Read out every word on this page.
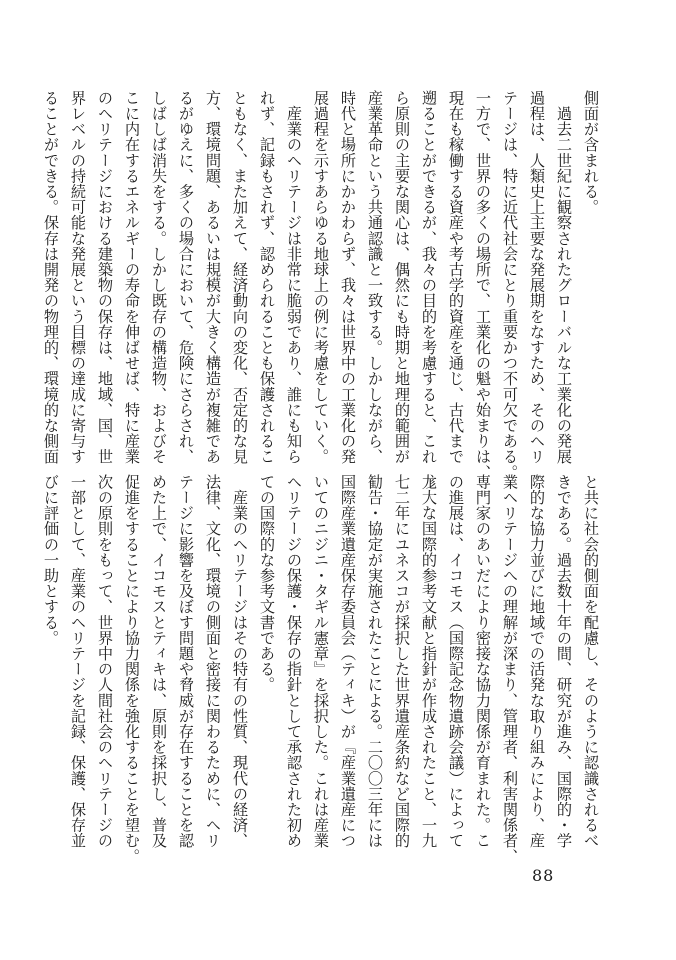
側面が含まれる。
　過去二世紀に観察されたグローバルな工業化の発展
過程は、人類史上主要な発展期をなすため、そのヘリ
テージは、特に近代社会にとり重要かつ不可欠である。
一方で、世界の多くの場所で、工業化の魁や始まりは、
現在も稼働する資産や考古学的資産を通じ、古代まで
遡ることができるが、我々の目的を考慮すると、これ
ら原則の主要な関心は、偶然にも時期と地理的範囲が
産業革命という共通認識と一致する。しかしながら、
時代と場所にかかわらず、我々は世界中の工業化の発
展過程を示すあらゆる地球上の例に考慮をしていく。
　産業のヘリテージは非常に脆弱であり、誰にも知ら
れず、記録もされず、認められることも保護されるこ
ともなく、また加えて、経済動向の変化、否定的な見
方、環境問題、あるいは規模が大きく構造が複雑であ
るがゆえに、多くの場合において、危険にさらされ、
しばしば消失をする。しかし既存の構造物、およびそ
こに内在するエネルギーの寿命を伸ばせば、特に産業
のヘリテージにおける建築物の保存は、地域、国、世
界レベルの持続可能な発展という目標の達成に寄与す
ることができる。保存は開発の物理的、環境的な側面
と共に社会的側面を配慮し、そのように認識されるべ
きである。過去数十年の間、研究が進み、国際的・学
際的な協力並びに地域での活発な取り組みにより、産
業ヘリテージへの理解が深まり、管理者、利害関係者、
専門家のあいだにより密接な協力関係が育まれた。こ
の進展は、イコモス（国際記念物遺跡会議）によって
尨大な国際的参考文献と指針が作成されたこと、一九
七二年にユネスコが採択した世界遺産条約など国際的
勧告・協定が実施されたことによる。二〇〇三年には
国際産業遺産保存委員会（ティキ）が『産業遺産につ
いてのニジニ・タギル憲章』を採択した。これは産業
ヘリテージの保護・保存の指針として承認された初め
ての国際的な参考文書である。
　産業のヘリテージはその特有の性質、現代の経済、
法律、文化、環境の側面と密接に関わるために、ヘリ
テージに影響を及ぼす問題や脅威が存在することを認
めた上で、イコモスとティキは、原則を採択し、普及
促進をすることにより協力関係を強化することを望む。
次の原則をもって、世界中の人間社会のヘリテージの
一部として、産業のヘリテージを記録、保護、保存並
びに評価の一助とする。
88
